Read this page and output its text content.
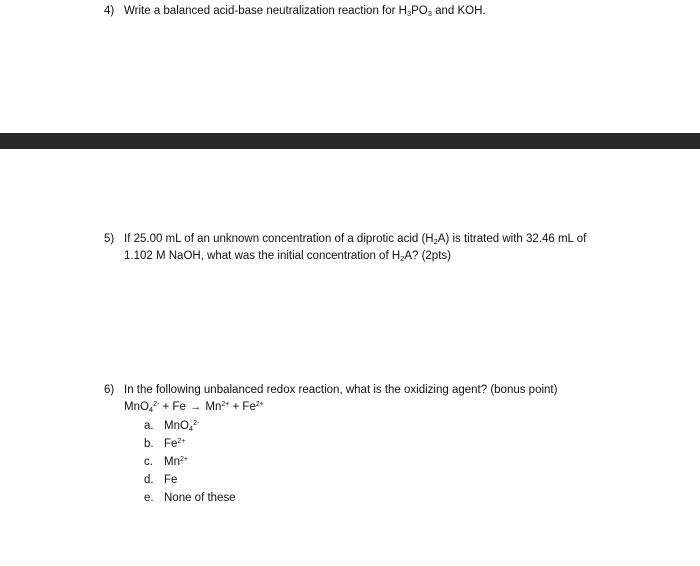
4) Write a balanced acid-base neutralization reaction for $H_3PO_3$ and KOH.
5) If 25.00 mL of an unknown concentration of a diprotic acid $(H_2A)$ is titrated with 32.46 mL of
1.102 M NaOH, what was the initial concentration of $H_2A$? (2pts)
6) In the following unbalanced redox reaction, what is the oxidizing agent? (bonus point)
$MnO_4^{2-} + Fe \to Mn^{2+} + Fe^{2+}$
a. MnO$_4^{2-}$
b. $Fe^{2+}$
c. $Mn^{2+}$
d. Fe
e. None of these
